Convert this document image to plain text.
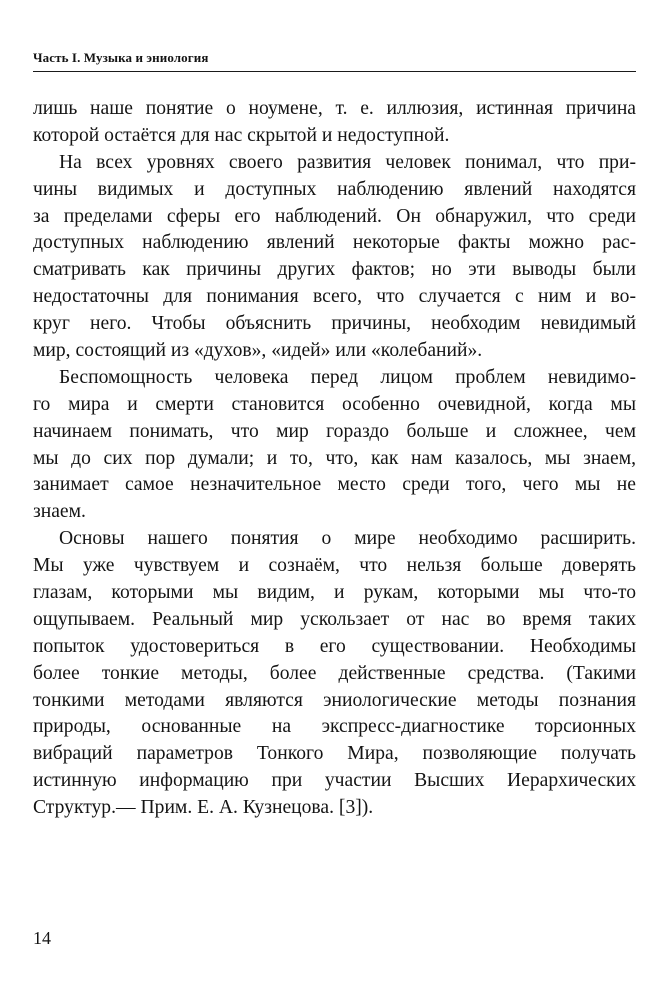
Часть I. Музыка и эниология
лишь наше понятие о ноумене, т. е. иллюзия, истинная причина
которой остаётся для нас скрытой и недоступной.
На всех уровнях своего развития человек понимал, что при-
чины видимых и доступных наблюдению явлений находятся
за пределами сферы его наблюдений. Он обнаружил, что среди
доступных наблюдению явлений некоторые факты можно рас-
сматривать как причины других фактов; но эти выводы были
недостаточны для понимания всего, что случается с ним и во-
круг него. Чтобы объяснить причины, необходим невидимый
мир, состоящий из «духов», «идей» или «колебаний».
Беспомощность человека перед лицом проблем невидимо-
го мира и смерти становится особенно очевидной, когда мы
начинаем понимать, что мир гораздо больше и сложнее, чем
мы до сих пор думали; и то, что, как нам казалось, мы знаем,
занимает самое незначительное место среди того, чего мы не
знаем.
Основы нашего понятия о мире необходимо расширить.
Мы уже чувствуем и сознаём, что нельзя больше доверять
глазам, которыми мы видим, и рукам, которыми мы что-то
ощупываем. Реальный мир ускользает от нас во время таких
попыток удостовериться в его существовании. Необходимы
более тонкие методы, более действенные средства. (Такими
тонкими методами являются эниологические методы познания
природы, основанные на экспресс-диагностике торсионных
вибраций параметров Тонкого Мира, позволяющие получать
истинную информацию при участии Высших Иерархических
Структур.— Прим. Е. А. Кузнецова. [3]).
14
